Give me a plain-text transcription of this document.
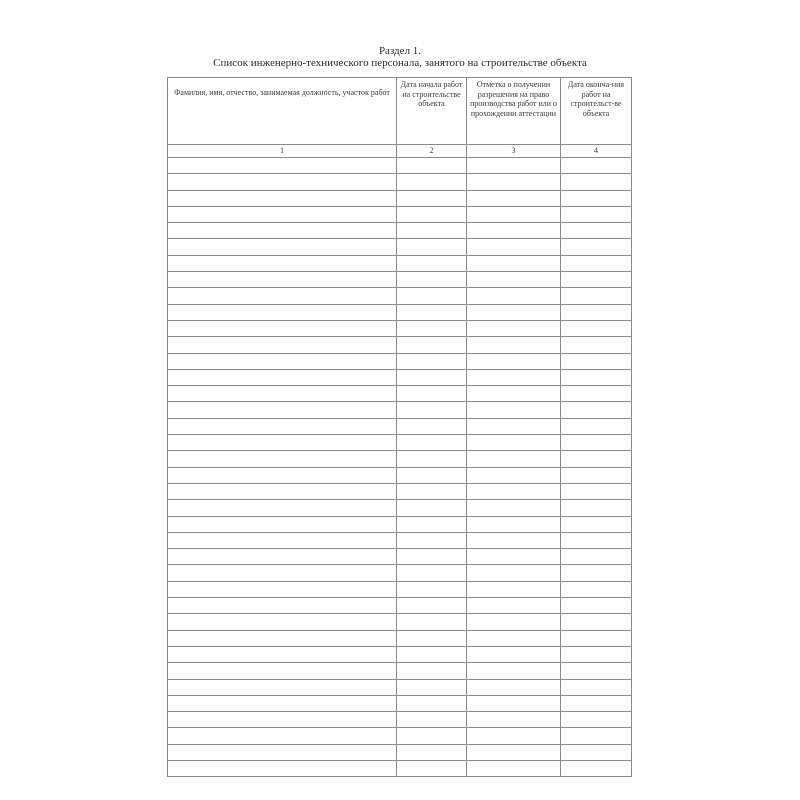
Раздел 1.
Список инженерно-технического персонала, занятого на строительстве объекта
Фамилия, имя, отчество, занимаемая должность, участок работ	Дата начала работ на строительстве объекта	Отметка о получении разрешения на право производства работ или о прохождении аттестации	Дата оконча-ния работ на строительст-ве объекта

1	2	3	4
